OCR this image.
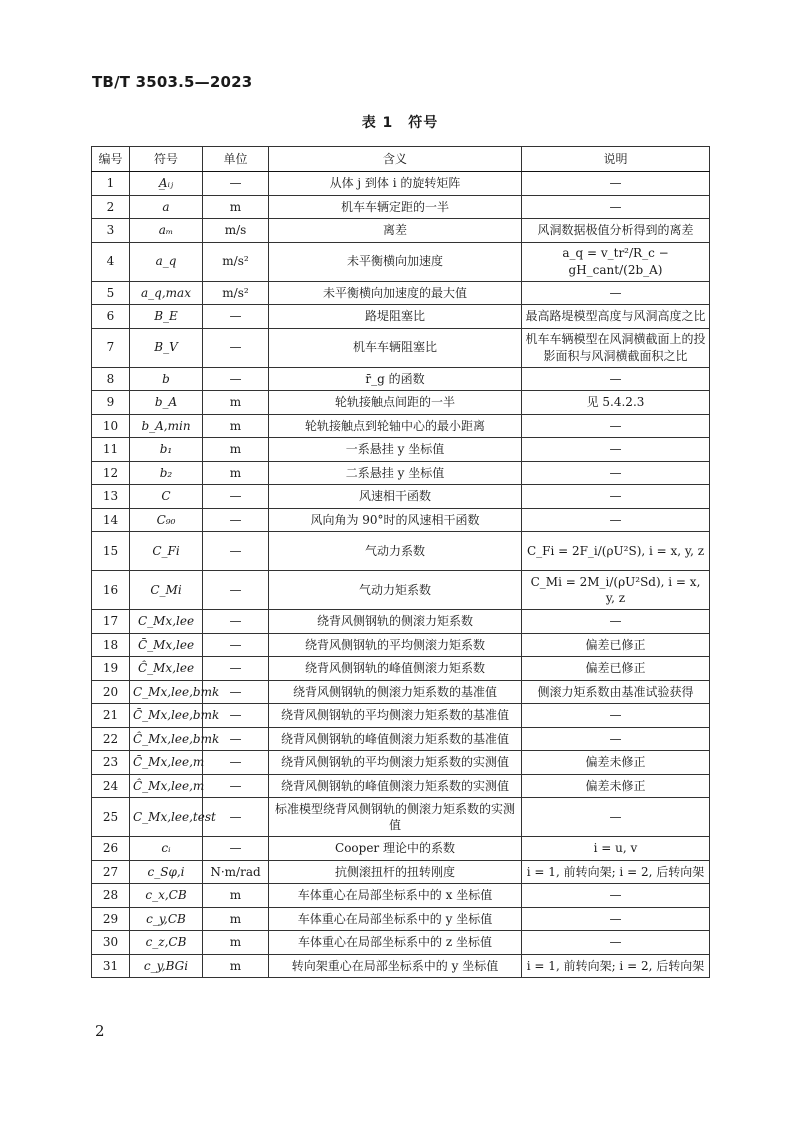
TB/T 3503.5—2023
表 1　符号
编号	符号	单位	含义	说明
1	A̲ᵢⱼ	—	从体 j 到体 i 的旋转矩阵	—
2	a	m	机车车辆定距的一半	—
3	aₘ	m/s	离差	风洞数据极值分析得到的离差
4	a_q	m/s²	未平衡横向加速度	a_q = v_tr²/R_c − gH_cant/(2b_A)
5	a_q,max	m/s²	未平衡横向加速度的最大值	—
6	B_E	—	路堤阻塞比	最高路堤模型高度与风洞高度之比
7	B_V	—	机车车辆阻塞比	机车车辆模型在风洞横截面上的投影面积与风洞横截面积之比
8	b	—	r̄_g 的函数	—
9	b_A	m	轮轨接触点间距的一半	见 5.4.2.3
10	b_A,min	m	轮轨接触点到轮轴中心的最小距离	—
11	b₁	m	一系悬挂 y 坐标值	—
12	b₂	m	二系悬挂 y 坐标值	—
13	C	—	风速相干函数	—
14	C₉₀	—	风向角为 90°时的风速相干函数	—
15	C_Fi	—	气动力系数	C_Fi = 2F_i/(ρU²S), i = x, y, z
16	C_Mi	—	气动力矩系数	C_Mi = 2M_i/(ρU²Sd), i = x, y, z
17	C_Mx,lee	—	绕背风侧钢轨的侧滚力矩系数	—
18	C̄_Mx,lee	—	绕背风侧钢轨的平均侧滚力矩系数	偏差已修正
19	Ĉ_Mx,lee	—	绕背风侧钢轨的峰值侧滚力矩系数	偏差已修正
20	C_Mx,lee,bmk	—	绕背风侧钢轨的侧滚力矩系数的基准值	侧滚力矩系数由基准试验获得
21	C̄_Mx,lee,bmk	—	绕背风侧钢轨的平均侧滚力矩系数的基准值	—
22	Ĉ_Mx,lee,bmk	—	绕背风侧钢轨的峰值侧滚力矩系数的基准值	—
23	C̄_Mx,lee,m	—	绕背风侧钢轨的平均侧滚力矩系数的实测值	偏差未修正
24	Ĉ_Mx,lee,m	—	绕背风侧钢轨的峰值侧滚力矩系数的实测值	偏差未修正
25	C_Mx,lee,test	—	标准模型绕背风侧钢轨的侧滚力矩系数的实测值	—
26	cᵢ	—	Cooper 理论中的系数	i = u, v
27	c_Sφ,i	N·m/rad	抗侧滚扭杆的扭转刚度	i = 1, 前转向架; i = 2, 后转向架
28	c_x,CB	m	车体重心在局部坐标系中的 x 坐标值	—
29	c_y,CB	m	车体重心在局部坐标系中的 y 坐标值	—
30	c_z,CB	m	车体重心在局部坐标系中的 z 坐标值	—
31	c_y,BGi	m	转向架重心在局部坐标系中的 y 坐标值	i = 1, 前转向架; i = 2, 后转向架
2
